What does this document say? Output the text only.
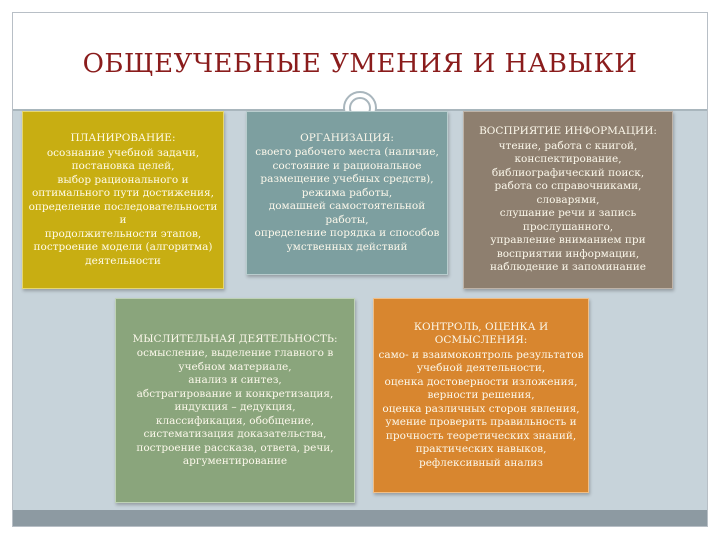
ОБЩЕУЧЕБНЫЕ УМЕНИЯ И НАВЫКИ
ПЛАНИРОВАНИЕ:
осознание учебной задачи,
постановка целей,
выбор рационального и
оптимального пути достижения,
определение последовательности и
продолжительности этапов,
построение модели (алгоритма)
деятельности
ОРГАНИЗАЦИЯ:
своего рабочего места (наличие,
состояние и рациональное
размещение учебных средств),
режима работы,
домашней самостоятельной работы,
определение порядка и способов
умственных действий
ВОСПРИЯТИЕ ИНФОРМАЦИИ:
чтение, работа с книгой,
конспектирование,
библиографический поиск,
работа со справочниками, словарями,
слушание речи и запись
прослушанного,
управление вниманием при
восприятии информации,
наблюдение и запоминание
МЫСЛИТЕЛЬНАЯ ДЕЯТЕЛЬНОСТЬ:
осмысление, выделение главного в
учебном материале,
анализ и синтез,
абстрагирование и конкретизация,
индукция – дедукция,
классификация, обобщение,
систематизация доказательства,
построение рассказа, ответа, речи,
аргументирование
КОНТРОЛЬ, ОЦЕНКА И
ОСМЫСЛЕНИЯ:
само- и взаимоконтроль результатов
учебной деятельности,
оценка достоверности изложения,
верности решения,
оценка различных сторон явления,
умение проверить правильность и
прочность теоретических знаний,
практических навыков,
рефлексивный анализ
